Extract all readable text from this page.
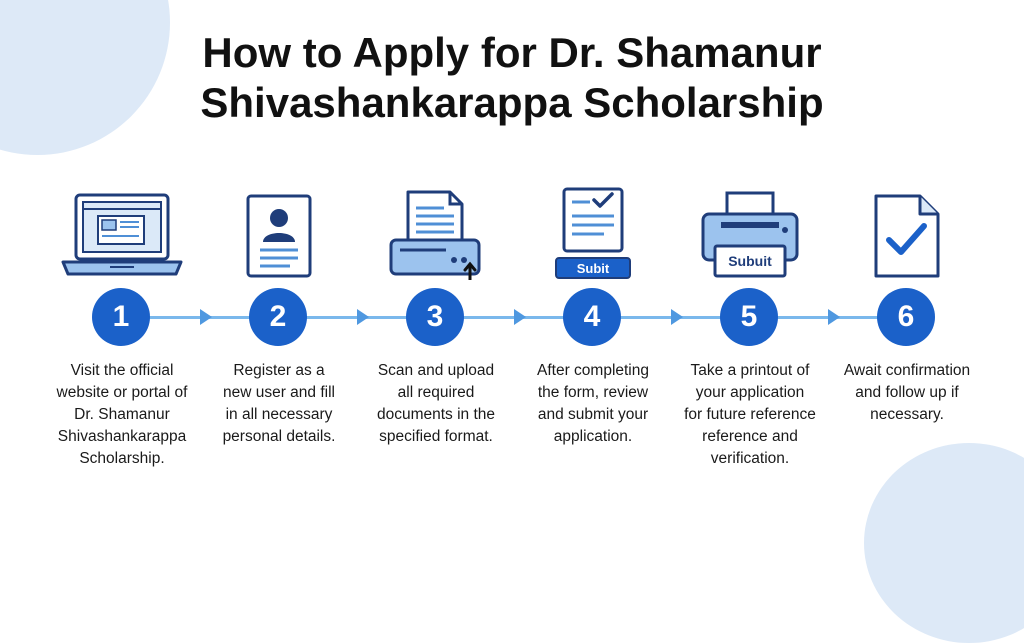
How to Apply for Dr. Shamanur
Shivashankarappa Scholarship
1
Visit the official
website or portal of
Dr. Shamanur
Shivashankarappa
Scholarship.
2
Register as a
new user and fill
in all necessary
personal details.
3
Scan and upload
all required
documents in the
specified format.
Subit
4
After completing
the form, review
and submit your
application.
Subuit
5
Take a printout of
your application
for future reference
reference and
verification.
6
Await confirmation
and follow up if
necessary.
